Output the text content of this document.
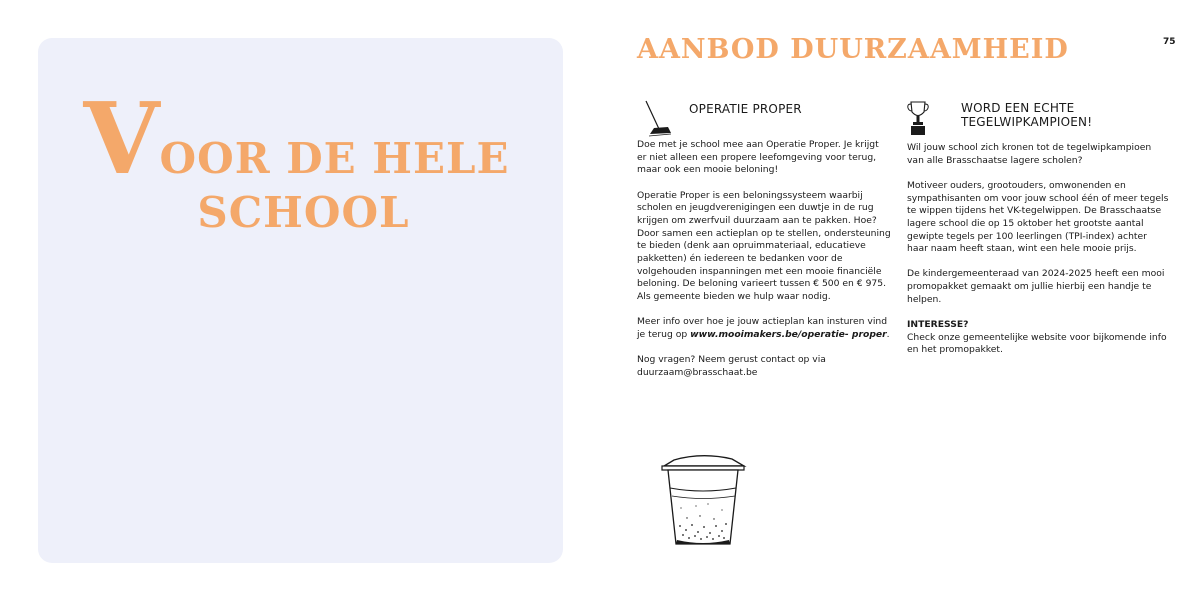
V OOR DE HELE
SCHOOL
AANBOD DUURZAAMHEID	75
OPERATIE PROPER

Doe met je school mee aan Operatie Proper. Je krijgt er niet alleen een propere leefomgeving voor terug, maar ook een mooie beloning!

Operatie Proper is een beloningssysteem waarbij scholen en jeugdverenigingen een duwtje in de rug krijgen om zwerfvuil duurzaam aan te pakken. Hoe? Door samen een actieplan op te stellen, ondersteuning te bieden (denk aan opruimmateriaal, educatieve pakketten) én iedereen te bedanken voor de volgehouden inspanningen met een mooie financiële beloning. De beloning varieert tussen € 500 en € 975. Als gemeente bieden we hulp waar nodig.

Meer info over hoe je jouw actieplan kan insturen vind je terug op www.mooimakers.be/operatie- proper.

Nog vragen? Neem gerust contact op via duurzaam@brasschaat.be

WORD EEN ECHTE
TEGELWIPKAMPIOEN!

Wil jouw school zich kronen tot de tegelwipkampioen van alle Brasschaatse lagere scholen?

Motiveer ouders, grootouders, omwonenden en sympathisanten om voor jouw school één of meer tegels te wippen tijdens het VK-tegelwippen. De Brasschaatse lagere school die op 15 oktober het grootste aantal gewipte tegels per 100 leerlingen (TPI-index) achter haar naam heeft staan, wint een hele mooie prijs.

De kindergemeenteraad van 2024-2025 heeft een mooi promopakket gemaakt om jullie hierbij een handje te helpen.

INTERESSE?
Check onze gemeentelijke website voor bijkomende info en het promopakket.
